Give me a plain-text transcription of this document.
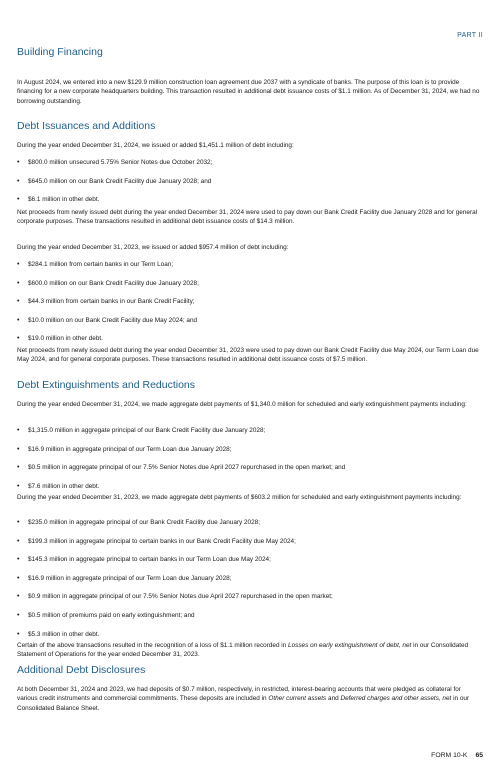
PART II
Building Financing

In August 2024, we entered into a new $129.9 million construction loan agreement due 2037 with a syndicate of banks. The purpose of this loan is to provide financing for a new corporate headquarters building. This transaction resulted in additional debt issuance costs of $1.1 million. As of December 31, 2024, we had no borrowing outstanding.

Debt Issuances and Additions

During the year ended December 31, 2024, we issued or added $1,451.1 million of debt including:

• $800.0 million unsecured 5.75% Senior Notes due October 2032;
• $645.0 million on our Bank Credit Facility due January 2028; and
• $6.1 million in other debt.

Net proceeds from newly issued debt during the year ended December 31, 2024 were used to pay down our Bank Credit Facility due January 2028 and for general corporate purposes. These transactions resulted in additional debt issuance costs of $14.3 million.

During the year ended December 31, 2023, we issued or added $957.4 million of debt including:

• $284.1 million from certain banks in our Term Loan;
• $600.0 million on our Bank Credit Facility due January 2028;
• $44.3 million from certain banks in our Bank Credit Facility;
• $10.0 million on our Bank Credit Facility due May 2024; and
• $19.0 million in other debt.

Net proceeds from newly issued debt during the year ended December 31, 2023 were used to pay down our Bank Credit Facility due May 2024, our Term Loan due May 2024, and for general corporate purposes. These transactions resulted in additional debt issuance costs of $7.5 million.

Debt Extinguishments and Reductions

During the year ended December 31, 2024, we made aggregate debt payments of $1,340.0 million for scheduled and early extinguishment payments including:

• $1,315.0 million in aggregate principal of our Bank Credit Facility due January 2028;
• $16.9 million in aggregate principal of our Term Loan due January 2028;
• $0.5 million in aggregate principal of our 7.5% Senior Notes due April 2027 repurchased in the open market; and
• $7.6 million in other debt.

During the year ended December 31, 2023, we made aggregate debt payments of $603.2 million for scheduled and early extinguishment payments including:

• $235.0 million in aggregate principal of our Bank Credit Facility due January 2028;
• $199.3 million in aggregate principal to certain banks in our Bank Credit Facility due May 2024;
• $145.3 million in aggregate principal to certain banks in our Term Loan due May 2024;
• $16.9 million in aggregate principal of our Term Loan due January 2028;
• $0.9 million in aggregate principal of our 7.5% Senior Notes due April 2027 repurchased in the open market;
• $0.5 million of premiums paid on early extinguishment; and
• $5.3 million in other debt.

Certain of the above transactions resulted in the recognition of a loss of $1.1 million recorded in Losses on early extinguishment of debt, net in our Consolidated Statement of Operations for the year ended December 31, 2023.

Additional Debt Disclosures

At both December 31, 2024 and 2023, we had deposits of $0.7 million, respectively, in restricted, interest-bearing accounts that were pledged as collateral for various credit instruments and commercial commitments. These deposits are included in Other current assets and Deferred charges and other assets, net in our Consolidated Balance Sheet.

FORM 10-K 65
